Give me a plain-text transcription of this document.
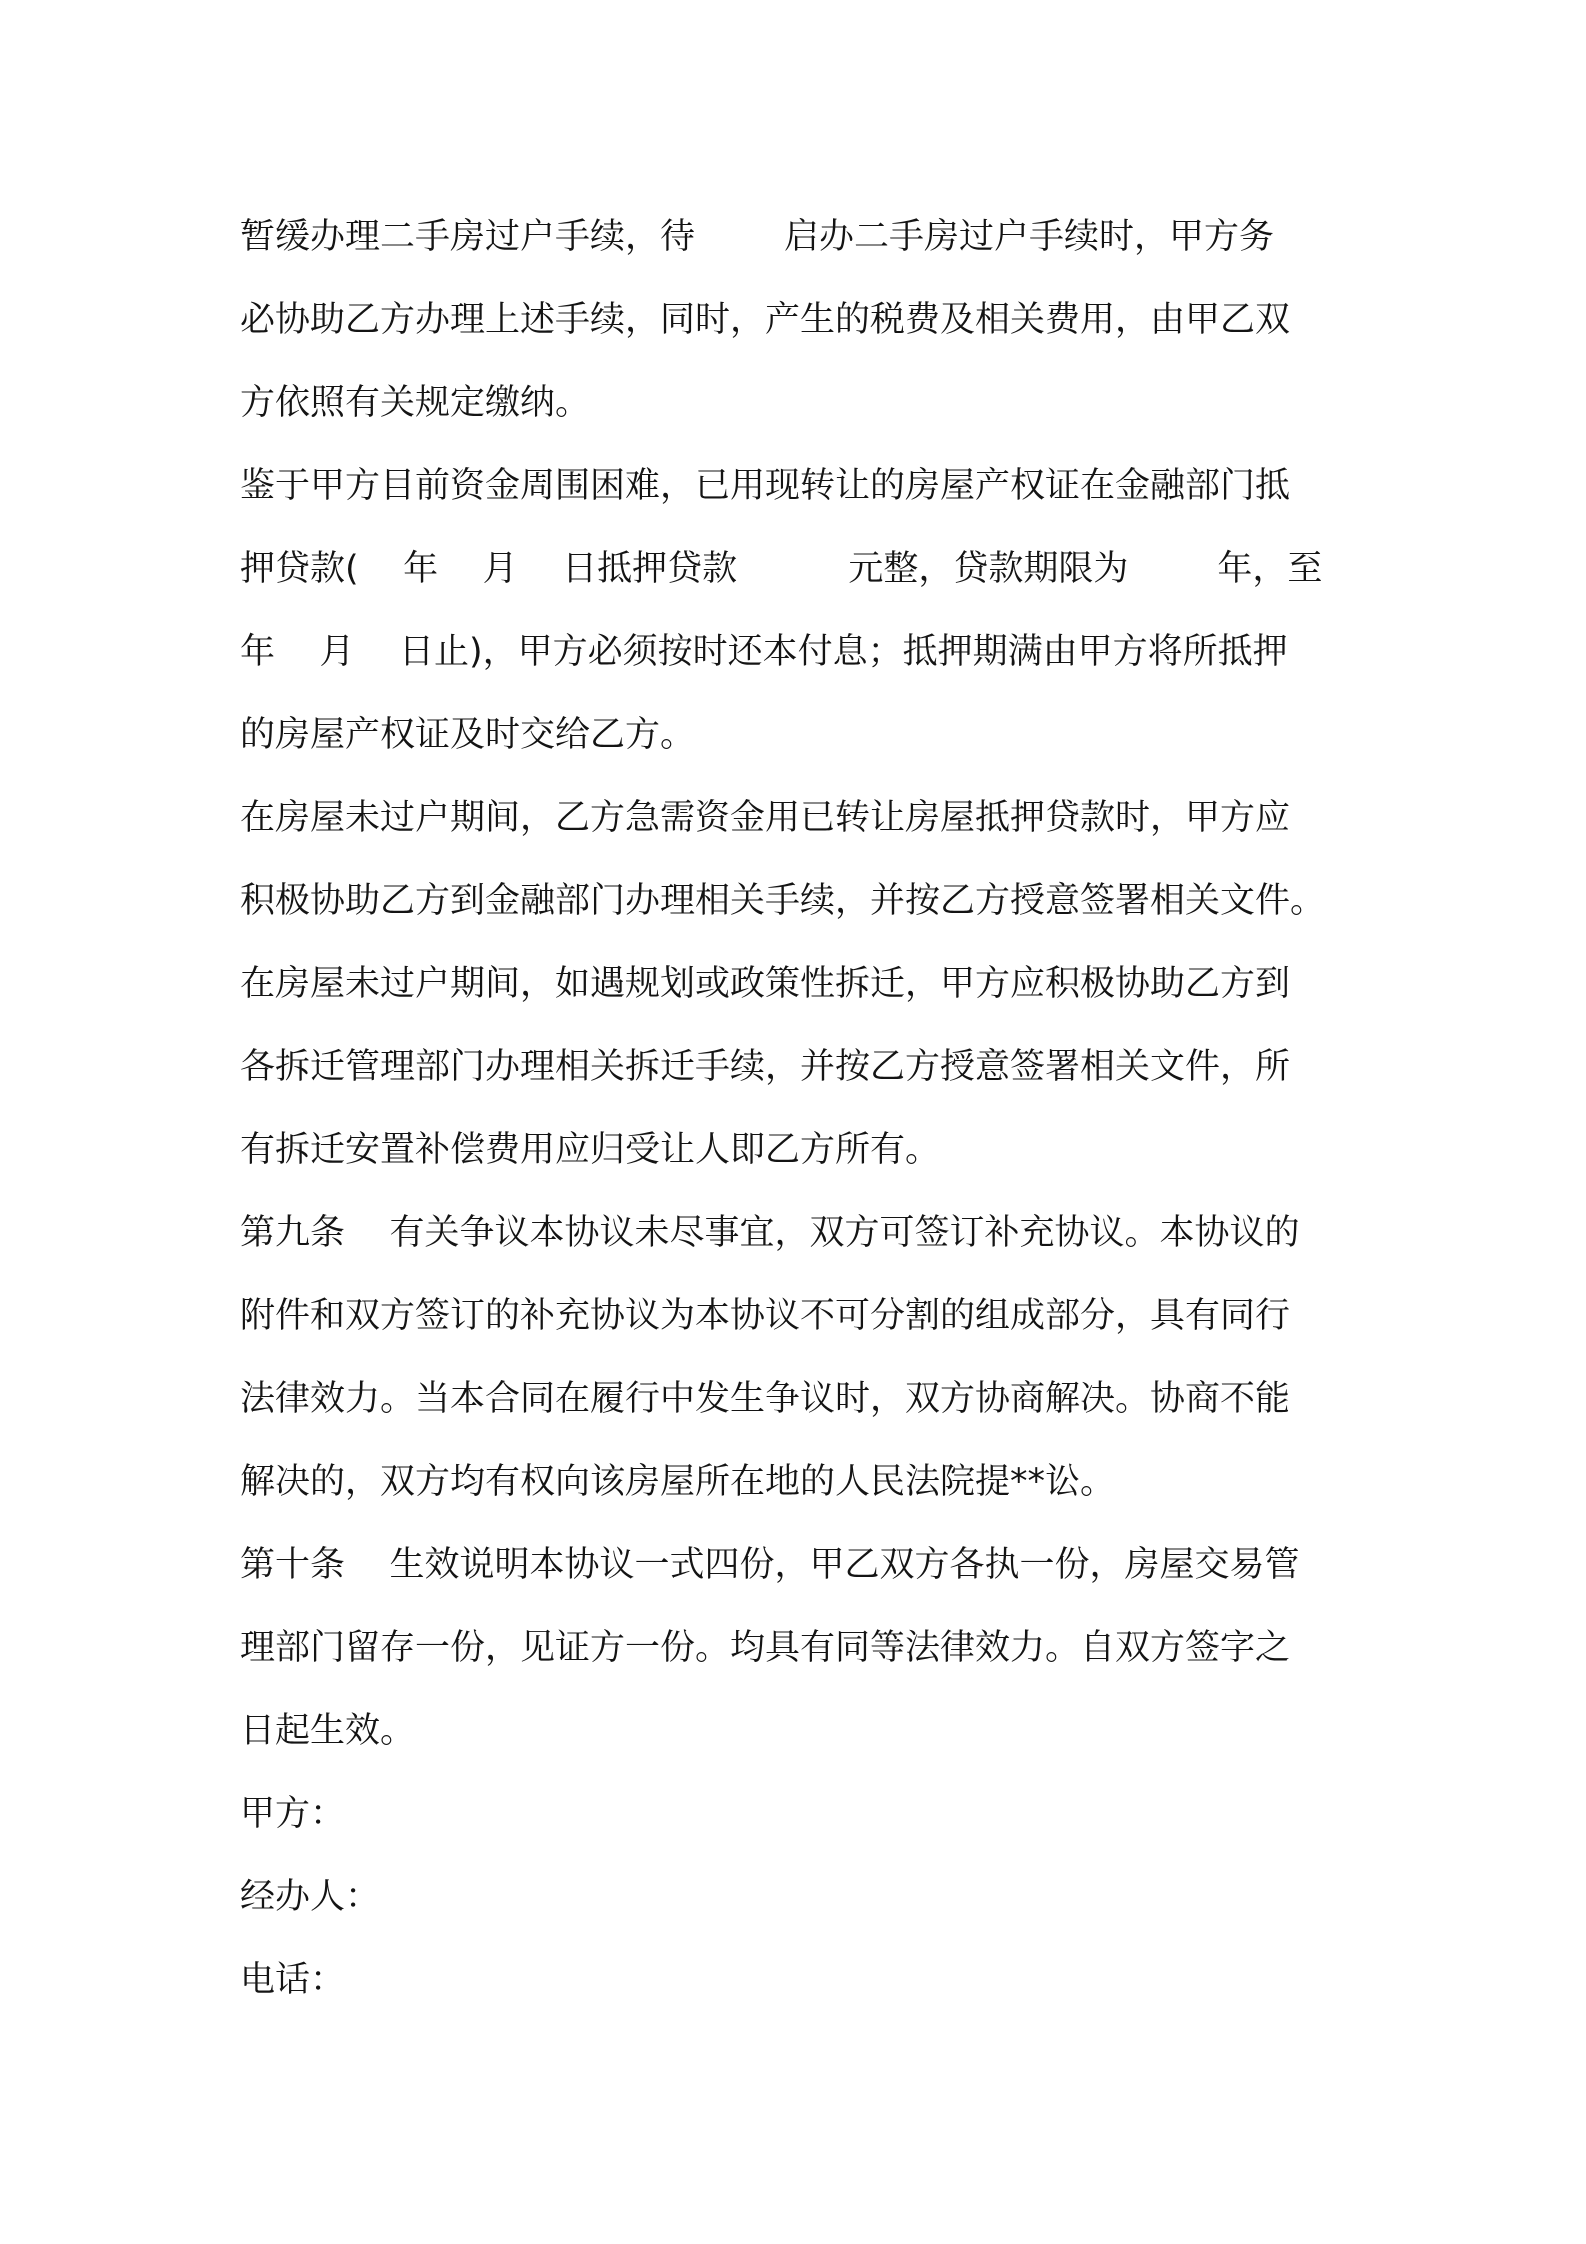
暂缓办理二手房过户手续，待        启办二手房过户手续时，甲方务
必协助乙方办理上述手续，同时，产生的税费及相关费用，由甲乙双
方依照有关规定缴纳。
鉴于甲方目前资金周围困难，已用现转让的房屋产权证在金融部门抵
押贷款(    年    月    日抵押贷款          元整，贷款期限为        年，至
年    月    日止)，甲方必须按时还本付息；抵押期满由甲方将所抵押
的房屋产权证及时交给乙方。
在房屋未过户期间，乙方急需资金用已转让房屋抵押贷款时，甲方应
积极协助乙方到金融部门办理相关手续，并按乙方授意签署相关文件。
在房屋未过户期间，如遇规划或政策性拆迁，甲方应积极协助乙方到
各拆迁管理部门办理相关拆迁手续，并按乙方授意签署相关文件，所
有拆迁安置补偿费用应归受让人即乙方所有。
第九条    有关争议本协议未尽事宜，双方可签订补充协议。本协议的
附件和双方签订的补充协议为本协议不可分割的组成部分，具有同行
法律效力。当本合同在履行中发生争议时，双方协商解决。协商不能
解决的，双方均有权向该房屋所在地的人民法院提**讼。
第十条    生效说明本协议一式四份，甲乙双方各执一份，房屋交易管
理部门留存一份，见证方一份。均具有同等法律效力。自双方签字之
日起生效。
甲方：
经办人：
电话：
